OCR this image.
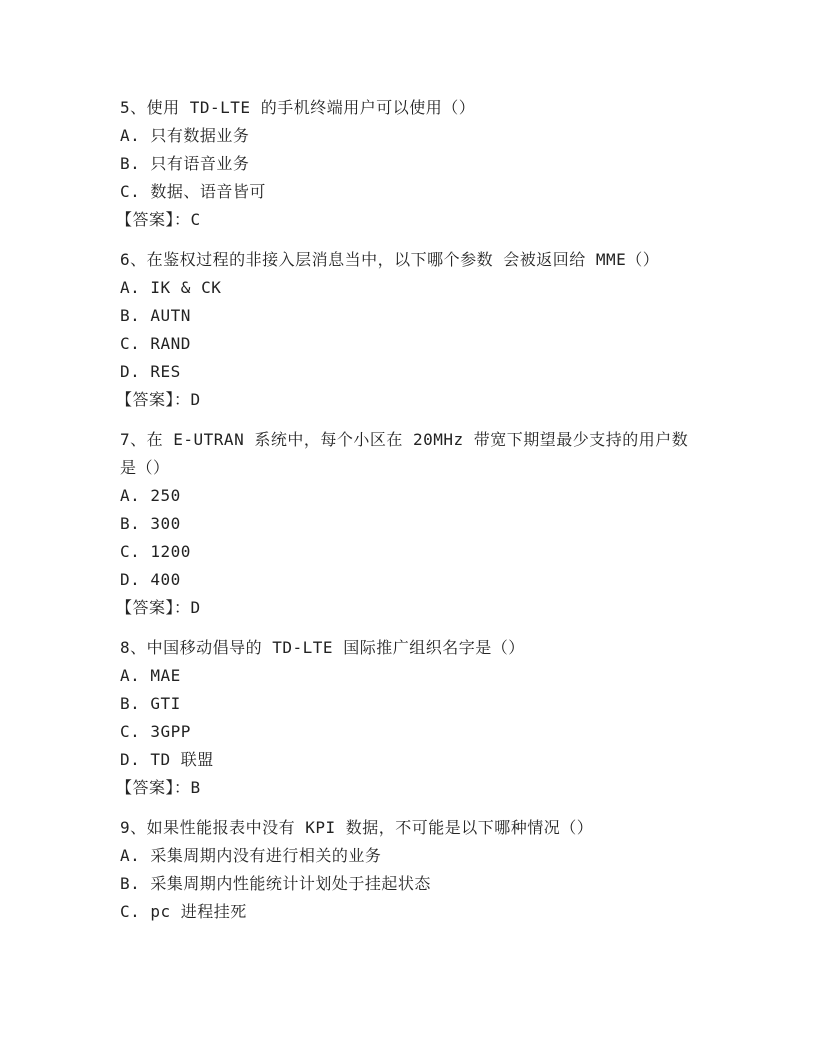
5、使用 TD-LTE 的手机终端用户可以使用（）
A. 只有数据业务
B. 只有语音业务
C. 数据、语音皆可
【答案】：C
6、在鉴权过程的非接入层消息当中，以下哪个参数 会被返回给 MME（）
A. IK & CK
B. AUTN
C. RAND
D. RES
【答案】：D
7、在 E-UTRAN 系统中，每个小区在 20MHz 带宽下期望最少支持的用户数是（）
A. 250
B. 300
C. 1200
D. 400
【答案】：D
8、中国移动倡导的 TD-LTE 国际推广组织名字是（）
A. MAE
B. GTI
C. 3GPP
D. TD 联盟
【答案】：B
9、如果性能报表中没有 KPI 数据，不可能是以下哪种情况（）
A. 采集周期内没有进行相关的业务
B. 采集周期内性能统计计划处于挂起状态
C. pc 进程挂死
